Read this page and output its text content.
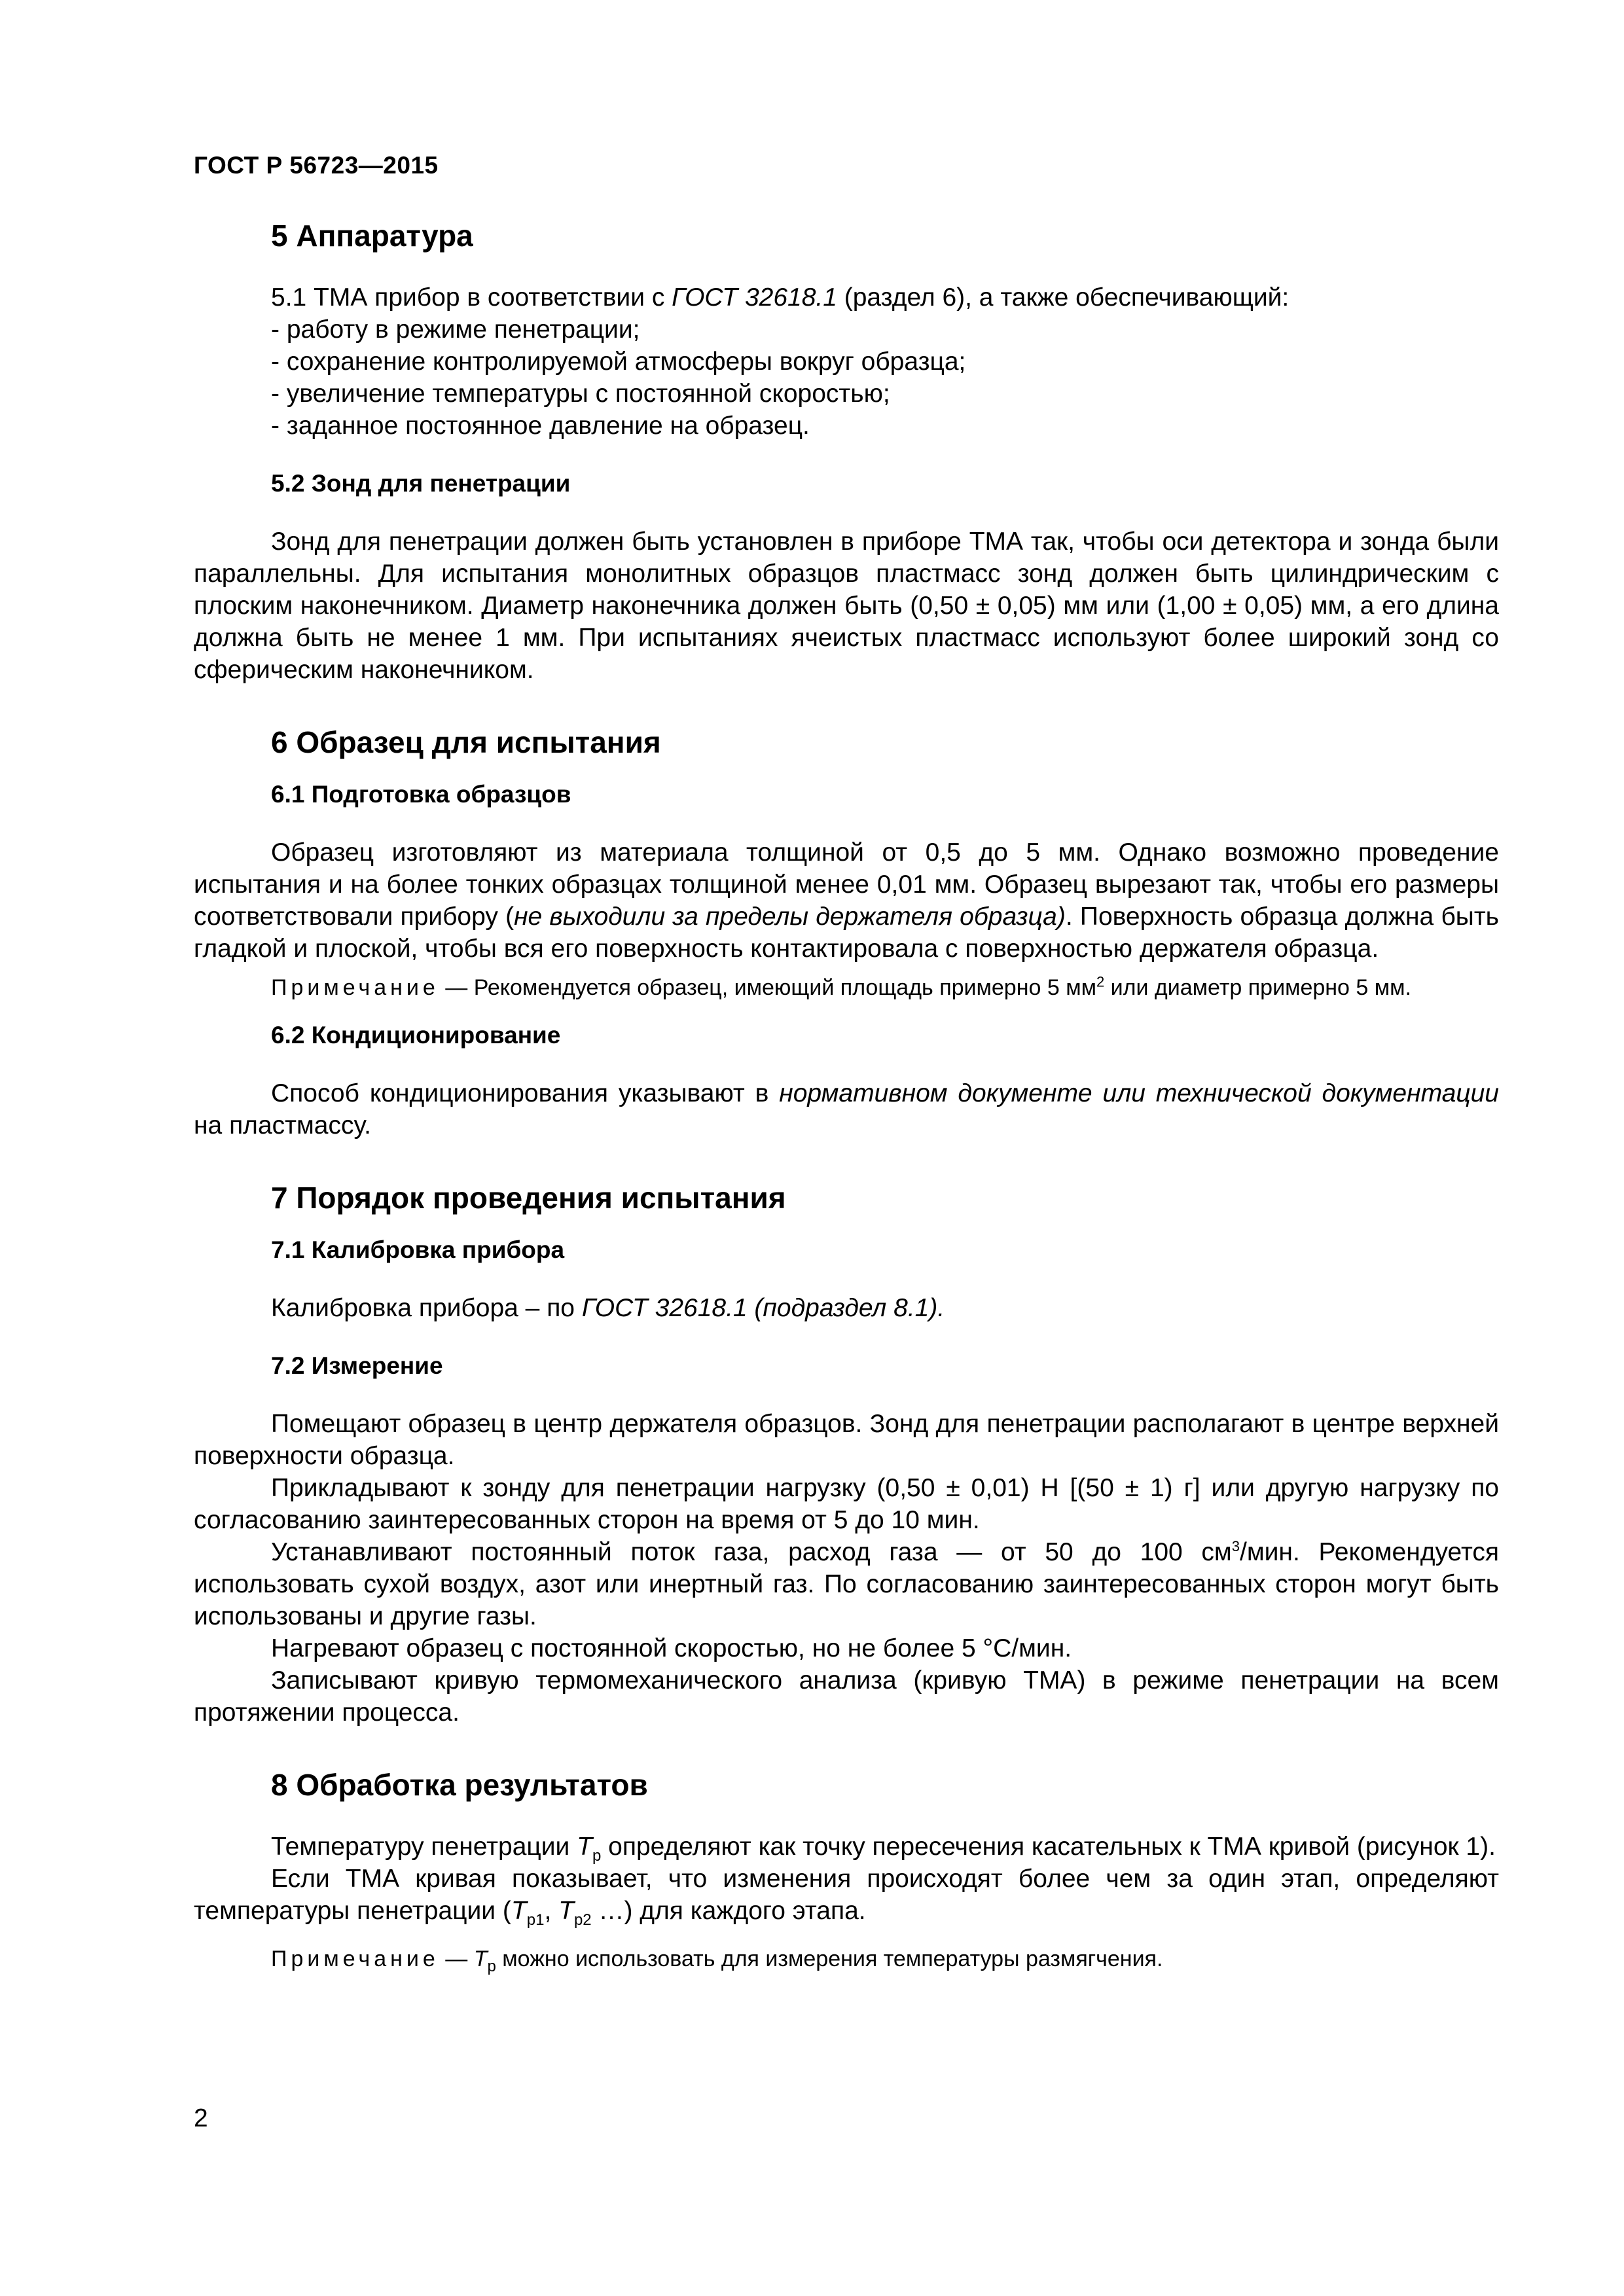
ГОСТ Р 56723—2015
5 Аппаратура

5.1 ТМА прибор в соответствии с ГОСТ 32618.1 (раздел 6), а также обеспечивающий:

- работу в режиме пенетрации;

- сохранение контролируемой атмосферы вокруг образца;

- увеличение температуры с постоянной скоростью;

- заданное постоянное давление на образец.

5.2 Зонд для пенетрации

Зонд для пенетрации должен быть установлен в приборе ТМА так, чтобы оси детектора и зонда были параллельны. Для испытания монолитных образцов пластмасс зонд должен быть цилиндрическим с плоским наконечником. Диаметр наконечника должен быть (0,50 ± 0,05) мм или (1,00 ± 0,05) мм, а его длина должна быть не менее 1 мм. При испытаниях ячеистых пластмасс используют более широкий зонд со сферическим наконечником.

6 Образец для испытания
6.1 Подготовка образцов

Образец изготовляют из материала толщиной от 0,5 до 5 мм. Однако возможно проведение испытания и на более тонких образцах толщиной менее 0,01 мм. Образец вырезают так, чтобы его размеры соответствовали прибору (не выходили за пределы держателя образца). Поверхность образца должна быть гладкой и плоской, чтобы вся его поверхность контактировала с поверхностью держателя образца.

Примечание — Рекомендуется образец, имеющий площадь примерно 5 $мм^2$ или диаметр примерно 5 мм.

6.2 Кондиционирование

Способ кондиционирования указывают в нормативном документе или технической документации на пластмассу.

7 Порядок проведения испытания
7.1 Калибровка прибора

Калибровка прибора – по ГОСТ 32618.1 (подраздел 8.1).

7.2 Измерение

Помещают образец в центр держателя образцов. Зонд для пенетрации располагают в центре верхней поверхности образца.

Прикладывают к зонду для пенетрации нагрузку (0,50 ± 0,01) Н [(50 ± 1) г] или другую нагрузку по согласованию заинтересованных сторон на время от 5 до 10 мин.

Устанавливают постоянный поток газа, расход газа — от 50 до 100 $см^3$/мин. Рекомендуется использовать сухой воздух, азот или инертный газ. По согласованию заинтересованных сторон могут быть использованы и другие газы.

Нагревают образец с постоянной скоростью, но не более 5 °С/мин.

Записывают кривую термомеханического анализа (кривую ТМА) в режиме пенетрации на всем протяжении процесса.

8 Обработка результатов

Температуру пенетрации $T_p$ определяют как точку пересечения касательных к ТМА кривой (рисунок 1).

Если ТМА кривая показывает, что изменения происходят более чем за один этап, определяют температуры пенетрации ($T_{p1}$, $T_{p2}$ …) для каждого этапа.

Примечание — $T_p$ можно использовать для измерения температуры размягчения.

2
